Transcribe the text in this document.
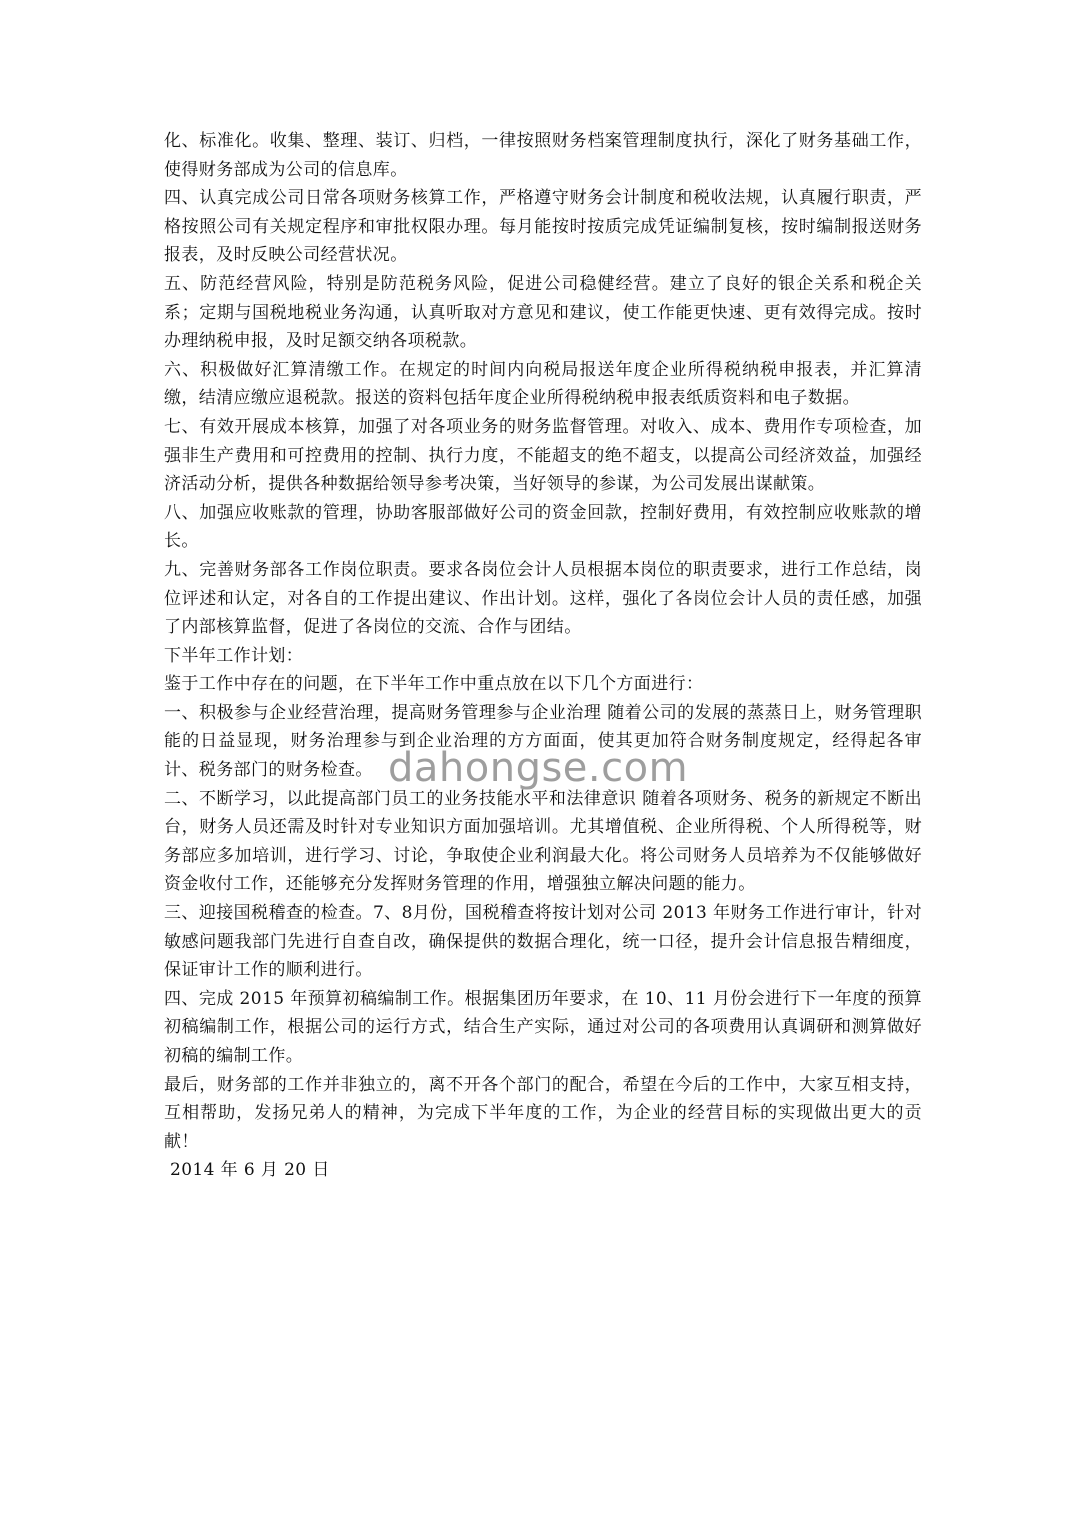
化、标准化。收集、整理、装订、归档，一律按照财务档案管理制度执行，深化了财务基础工作，使得财务部成为公司的信息库。

四、认真完成公司日常各项财务核算工作，严格遵守财务会计制度和税收法规，认真履行职责，严格按照公司有关规定程序和审批权限办理。每月能按时按质完成凭证编制复核，按时编制报送财务报表，及时反映公司经营状况。

五、防范经营风险，特别是防范税务风险，促进公司稳健经营。建立了良好的银企关系和税企关系；定期与国税地税业务沟通，认真听取对方意见和建议，使工作能更快速、更有效得完成。按时办理纳税申报，及时足额交纳各项税款。

六、积极做好汇算清缴工作。在规定的时间内向税局报送年度企业所得税纳税申报表，并汇算清缴，结清应缴应退税款。报送的资料包括年度企业所得税纳税申报表纸质资料和电子数据。

七、有效开展成本核算，加强了对各项业务的财务监督管理。对收入、成本、费用作专项检查，加强非生产费用和可控费用的控制、执行力度，不能超支的绝不超支，以提高公司经济效益，加强经济活动分析，提供各种数据给领导参考决策，当好领导的参谋，为公司发展出谋献策。

八、加强应收账款的管理，协助客服部做好公司的资金回款，控制好费用，有效控制应收账款的增长。

九、完善财务部各工作岗位职责。要求各岗位会计人员根据本岗位的职责要求，进行工作总结，岗位评述和认定，对各自的工作提出建议、作出计划。这样，强化了各岗位会计人员的责任感，加强了内部核算监督，促进了各岗位的交流、合作与团结。

下半年工作计划：

鉴于工作中存在的问题，在下半年工作中重点放在以下几个方面进行：

一、积极参与企业经营治理，提高财务管理参与企业治理 随着公司的发展的蒸蒸日上，财务管理职能的日益显现，财务治理参与到企业治理的方方面面，使其更加符合财务制度规定，经得起各审计、税务部门的财务检查。

二、不断学习，以此提高部门员工的业务技能水平和法律意识 随着各项财务、税务的新规定不断出台，财务人员还需及时针对专业知识方面加强培训。尤其增值税、企业所得税、个人所得税等，财务部应多加培训，进行学习、讨论，争取使企业利润最大化。将公司财务人员培养为不仅能够做好资金收付工作，还能够充分发挥财务管理的作用，增强独立解决问题的能力。

三、迎接国税稽查的检查。7、8月份，国税稽查将按计划对公司 2013 年财务工作进行审计，针对敏感问题我部门先进行自查自改，确保提供的数据合理化，统一口径，提升会计信息报告精细度，保证审计工作的顺利进行。

四、完成 2015 年预算初稿编制工作。根据集团历年要求，在 10、11 月份会进行下一年度的预算初稿编制工作，根据公司的运行方式，结合生产实际，通过对公司的各项费用认真调研和测算做好初稿的编制工作。

最后，财务部的工作并非独立的，离不开各个部门的配合，希望在今后的工作中，大家互相支持，互相帮助，发扬兄弟人的精神，为完成下半年度的工作，为企业的经营目标的实现做出更大的贡献！

2014 年 6 月 20 日

dahongse.com
